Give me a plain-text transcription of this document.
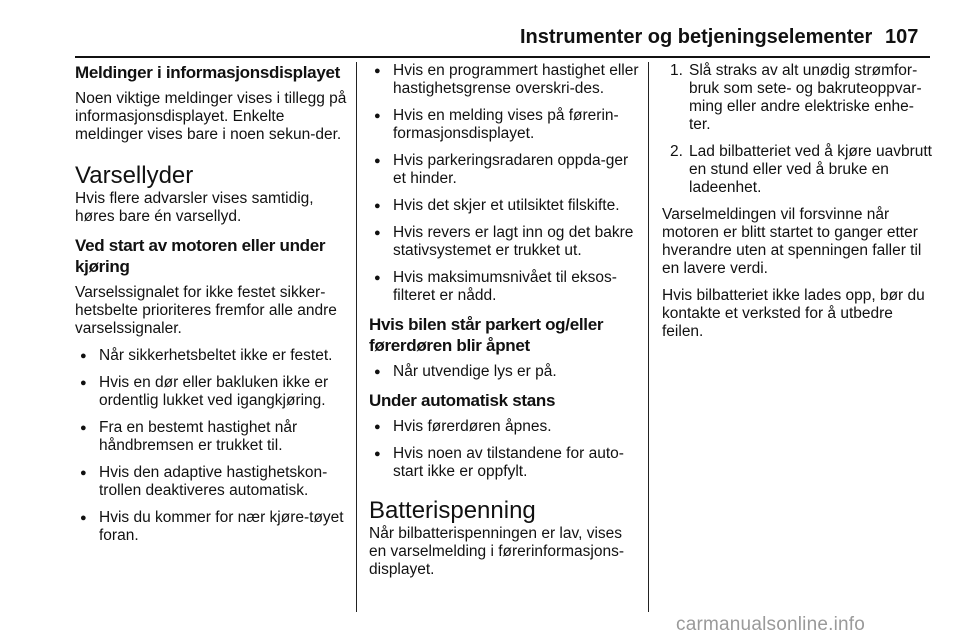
Instrumenter og betjeningselementer 107
Meldinger i informasjonsdisplayet

Noen viktige meldinger vises i tillegg på informasjonsdisplayet. Enkelte meldinger vises bare i noen sekun-der.

Varsellyder

Hvis flere advarsler vises samtidig, høres bare én varsellyd.

Ved start av motoren eller under kjøring

Varselssignalet for ikke festet sikker-hetsbelte prioriteres fremfor alle andre varselssignaler.

● Når sikkerhetsbeltet ikke er festet.
● Hvis en dør eller bakluken ikke er ordentlig lukket ved igangkjøring.
● Fra en bestemt hastighet når håndbremsen er trukket til.
● Hvis den adaptive hastighetskon-trollen deaktiveres automatisk.
● Hvis du kommer for nær kjøre-tøyet foran.
● Hvis en programmert hastighet eller hastighetsgrense overskri-des.
● Hvis en melding vises på førerin-formasjonsdisplayet.
● Hvis parkeringsradaren oppda-ger et hinder.
● Hvis det skjer et utilsiktet filskifte.
● Hvis revers er lagt inn og det bakre stativsystemet er trukket ut.
● Hvis maksimumsnivået til eksos-filteret er nådd.
Hvis bilen står parkert og/eller førerdøren blir åpnet
● Når utvendige lys er på.
Under automatisk stans
● Hvis førerdøren åpnes.
● Hvis noen av tilstandene for auto-start ikke er oppfylt.
Batterispenning

Når bilbatterispenningen er lav, vises en varselmelding i førerinformasjons-displayet.

1. Slå straks av alt unødig strømfor-bruk som sete- og bakruteoppvar-ming eller andre elektriske enhe-ter.
2. Lad bilbatteriet ved å kjøre uavbrutt en stund eller ved å bruke en ladeenhet.

Varselmeldingen vil forsvinne når motoren er blitt startet to ganger etter hverandre uten at spenningen faller til en lavere verdi.

Hvis bilbatteriet ikke lades opp, bør du kontakte et verksted for å utbedre feilen.

carmanualsonline.info
